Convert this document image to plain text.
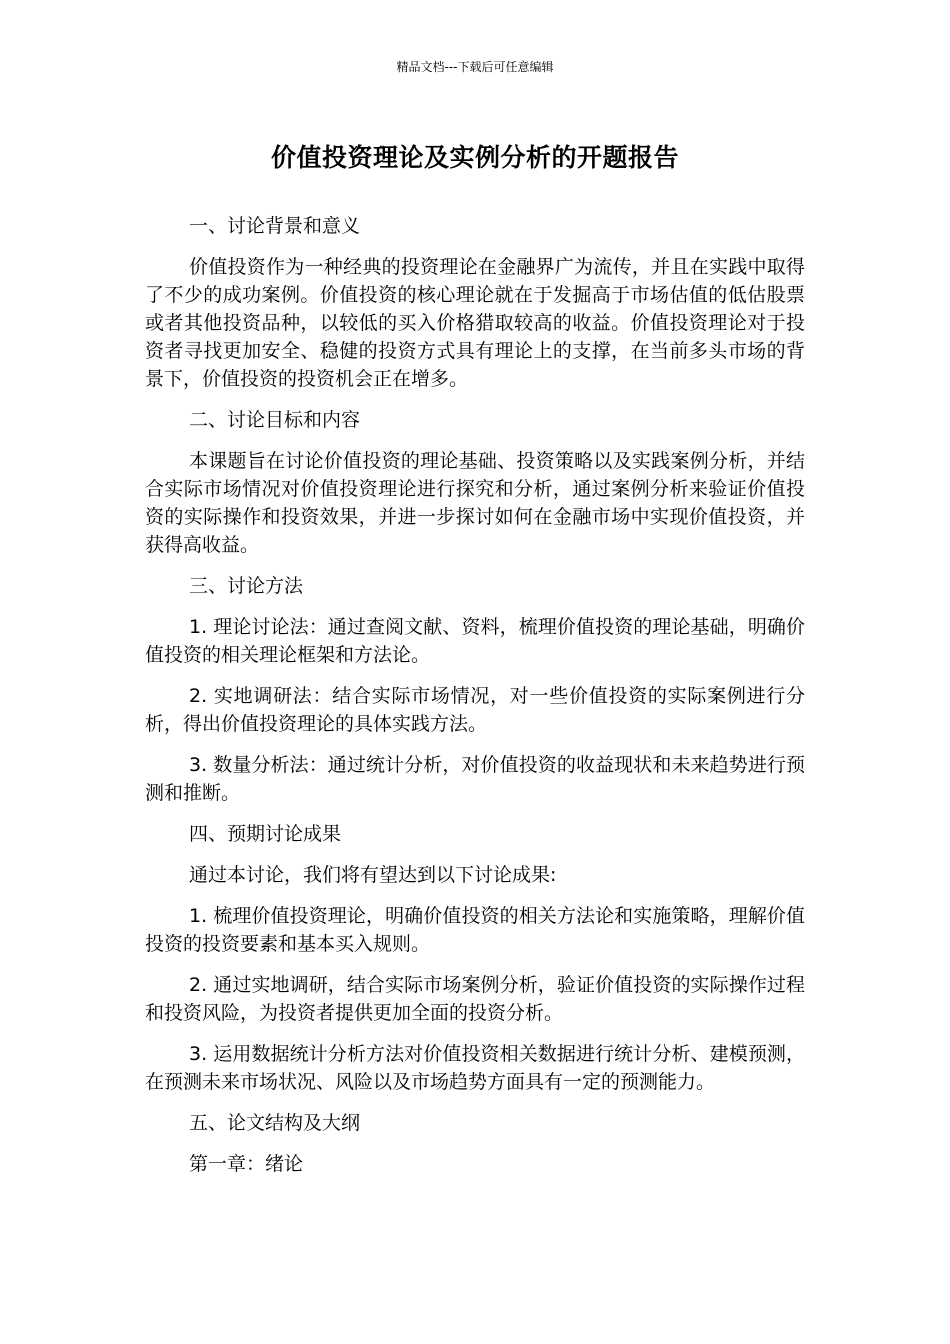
精品文档---下载后可任意编辑
价值投资理论及实例分析的开题报告

一、讨论背景和意义

价值投资作为一种经典的投资理论在金融界广为流传，并且在实践中取得了不少的成功案例。价值投资的核心理论就在于发掘高于市场估值的低估股票或者其他投资品种，以较低的买入价格猎取较高的收益。价值投资理论对于投资者寻找更加安全、稳健的投资方式具有理论上的支撑，在当前多头市场的背景下，价值投资的投资机会正在增多。

二、讨论目标和内容

本课题旨在讨论价值投资的理论基础、投资策略以及实践案例分析，并结合实际市场情况对价值投资理论进行探究和分析，通过案例分析来验证价值投资的实际操作和投资效果，并进一步探讨如何在金融市场中实现价值投资，并获得高收益。

三、讨论方法

1. 理论讨论法：通过查阅文献、资料，梳理价值投资的理论基础，明确价值投资的相关理论框架和方法论。

2. 实地调研法：结合实际市场情况，对一些价值投资的实际案例进行分析，得出价值投资理论的具体实践方法。

3. 数量分析法：通过统计分析，对价值投资的收益现状和未来趋势进行预测和推断。

四、预期讨论成果

通过本讨论，我们将有望达到以下讨论成果:

1. 梳理价值投资理论，明确价值投资的相关方法论和实施策略，理解价值投资的投资要素和基本买入规则。

2. 通过实地调研，结合实际市场案例分析，验证价值投资的实际操作过程和投资风险，为投资者提供更加全面的投资分析。

3. 运用数据统计分析方法对价值投资相关数据进行统计分析、建模预测，在预测未来市场状况、风险以及市场趋势方面具有一定的预测能力。

五、论文结构及大纲

第一章：绪论
